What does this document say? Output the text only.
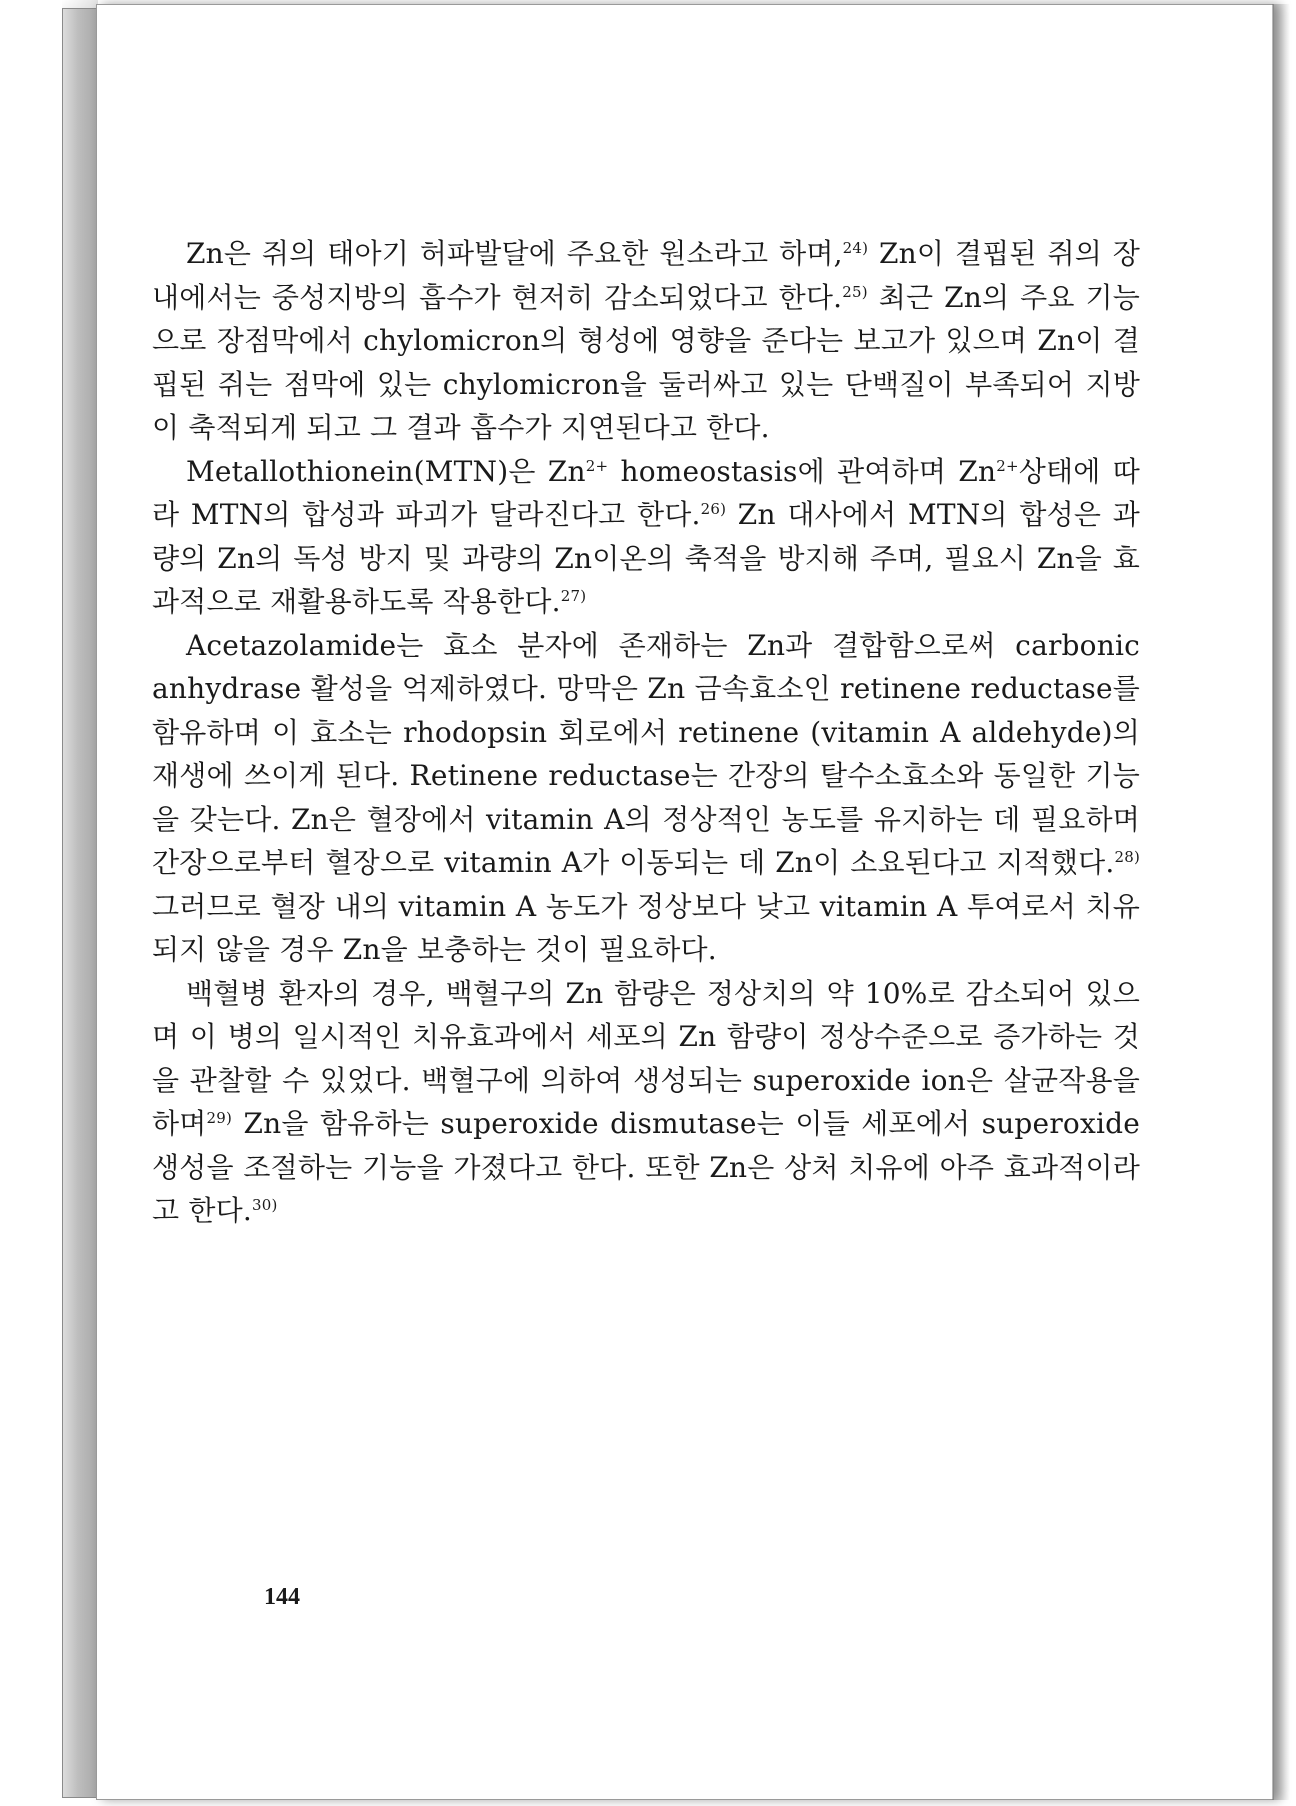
Zn은 쥐의 태아기 허파발달에 주요한 원소라고 하며,$^{24)}$ Zn이 결핍된 쥐의 장 내에서는 중성지방의 흡수가 현저히 감소되었다고 한다.$^{25)}$ 최근 Zn의 주요 기능으로 장점막에서 chylomicron의 형성에 영향을 준다는 보고가 있으며 Zn이 결핍된 쥐는 점막에 있는 chylomicron을 둘러싸고 있는 단백질이 부족되어 지방이 축적되게 되고 그 결과 흡수가 지연된다고 한다.

Metallothionein(MTN)은 $Zn^{2+}$ homeostasis에 관여하며 $Zn^{2+}$상태에 따라 MTN의 합성과 파괴가 달라진다고 한다.$^{26)}$ Zn 대사에서 MTN의 합성은 과량의 Zn의 독성 방지 및 과량의 Zn이온의 축적을 방지해 주며, 필요시 Zn을 효과적으로 재활용하도록 작용한다.$^{27)}$

Acetazolamide는 효소 분자에 존재하는 Zn과 결합함으로써 carbonic anhydrase 활성을 억제하였다. 망막은 Zn 금속효소인 retinene reductase를 함유하며 이 효소는 rhodopsin 회로에서 retinene (vitamin A aldehyde)의 재생에 쓰이게 된다. Retinene reductase는 간장의 탈수소효소와 동일한 기능을 갖는다. Zn은 혈장에서 vitamin A의 정상적인 농도를 유지하는 데 필요하며 간장으로부터 혈장으로 vitamin A가 이동되는 데 Zn이 소요된다고 지적했다.$^{28)}$ 그러므로 혈장 내의 vitamin A 농도가 정상보다 낮고 vitamin A 투여로서 치유되지 않을 경우 Zn을 보충하는 것이 필요하다.

백혈병 환자의 경우, 백혈구의 Zn 함량은 정상치의 약 10%로 감소되어 있으며 이 병의 일시적인 치유효과에서 세포의 Zn 함량이 정상수준으로 증가하는 것을 관찰할 수 있었다. 백혈구에 의하여 생성되는 superoxide ion은 살균작용을 하며$^{29)}$ Zn을 함유하는 superoxide dismutase는 이들 세포에서 superoxide 생성을 조절하는 기능을 가졌다고 한다. 또한 Zn은 상처 치유에 아주 효과적이라고 한다.$^{30)}$

144
